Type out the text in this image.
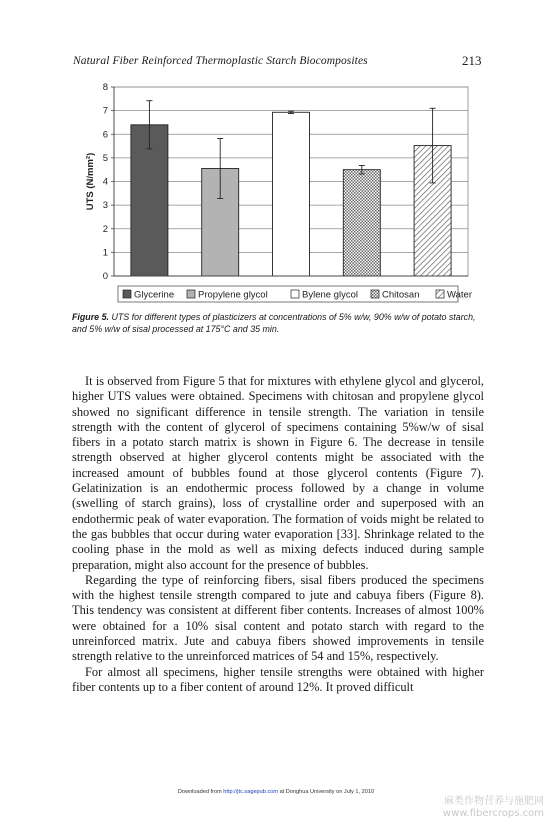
Natural Fiber Reinforced Thermoplastic Starch Biocomposites	213
0
1
2
3
4
5
6
7
8
UTS (N/mm²)
Glycerine	Propylene glycol	Bylene glycol	Chitosan	Water
Figure 5. UTS for different types of plasticizers at concentrations of 5% w/w, 90% w/w of potato starch, and 5% w/w of sisal processed at 175°C and 35 min.

It is observed from Figure 5 that for mixtures with ethylene glycol and glycerol, higher UTS values were obtained. Specimens with chitosan and propylene glycol showed no significant difference in tensile strength. The variation in tensile strength with the content of glycerol of specimens containing 5%w/w of sisal fibers in a potato starch matrix is shown in Figure 6. The decrease in tensile strength observed at higher glycerol contents might be associated with the increased amount of bubbles found at those glycerol contents (Figure 7). Gelatinization is an endothermic process followed by a change in volume (swelling of starch grains), loss of crystalline order and superposed with an endothermic peak of water evaporation. The formation of voids might be related to the gas bubbles that occur during water evaporation [33]. Shrinkage related to the cooling phase in the mold as well as mixing defects induced during sample preparation, might also account for the presence of bubbles.

Regarding the type of reinforcing fibers, sisal fibers produced the specimens with the highest tensile strength compared to jute and cabuya fibers (Figure 8). This tendency was consistent at different fiber contents. Increases of almost 100% were obtained for a 10% sisal content and potato starch with regard to the unreinforced matrix. Jute and cabuya fibers showed improvements in tensile strength relative to the unreinforced matrices of 54 and 15%, respectively.

For almost all specimens, higher tensile strengths were obtained with higher fiber contents up to a fiber content of around 12%. It proved difficult

Downloaded from http://jtc.sagepub.com at Donghua University on July 1, 2010
麻类作物营养与施肥网
www.fibercrops.com
